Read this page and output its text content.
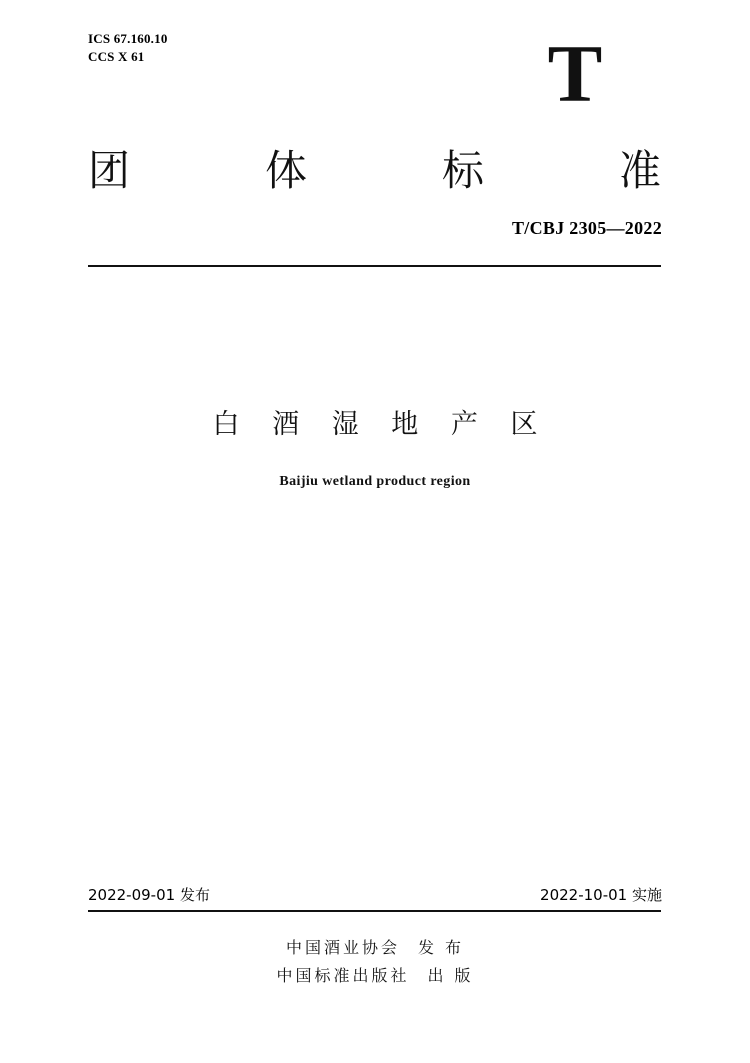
ICS 67.160.10
CCS X 61	T
团	体	标	准
T/CBJ 2305—2022
白 酒 湿 地 产 区
Baijiu wetland product region
2022-09-01 发布	2022-10-01 实施
中国酒业协会 发 布
中国标准出版社 出 版
